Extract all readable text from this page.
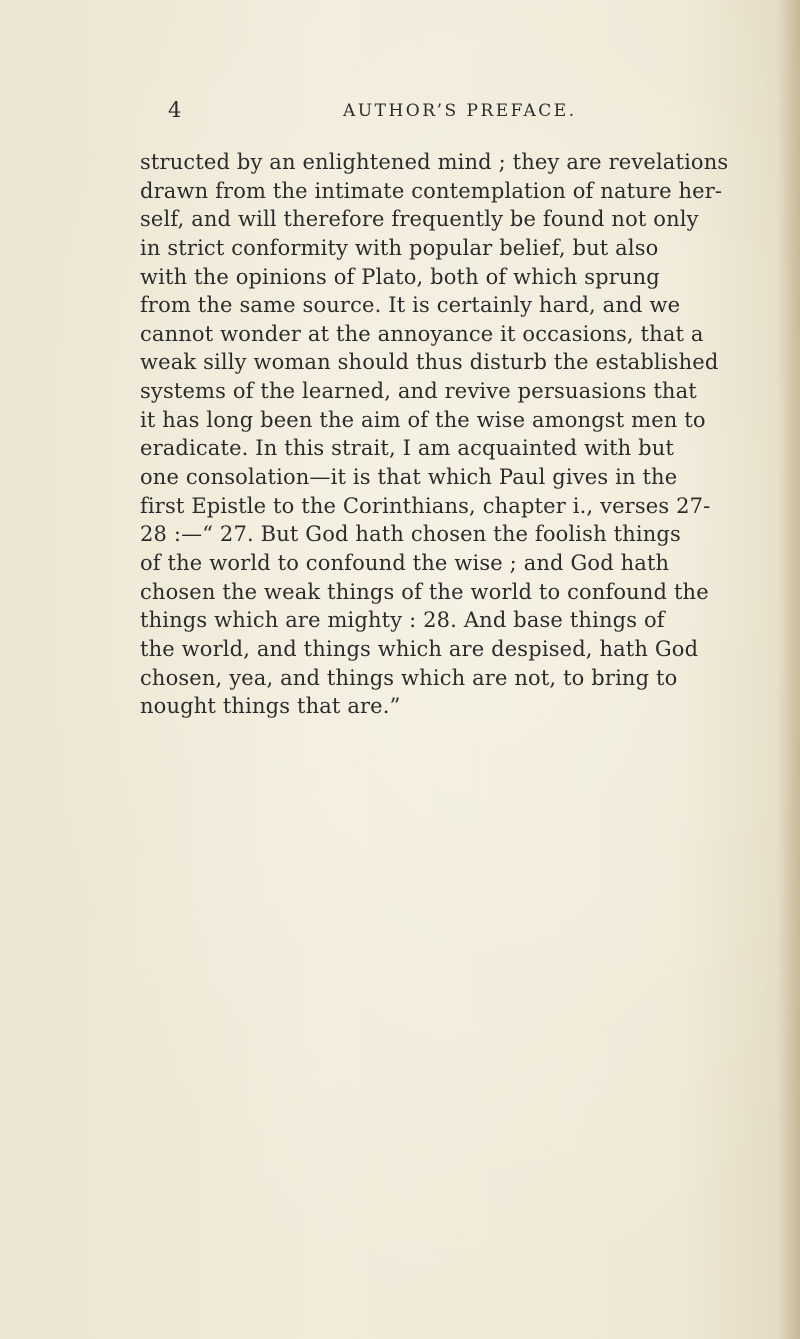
4	AUTHOR’S PREFACE.
structed by an enlightened mind ; they are revelations
drawn from the intimate contemplation of nature her-
self, and will therefore frequently be found not only
in strict conformity with popular belief, but also
with the opinions of Plato, both of which sprung
from the same source. It is certainly hard, and we
cannot wonder at the annoyance it occasions, that a
weak silly woman should thus disturb the established
systems of the learned, and revive persuasions that
it has long been the aim of the wise amongst men to
eradicate. In this strait, I am acquainted with but
one consolation—it is that which Paul gives in the
first Epistle to the Corinthians, chapter i., verses 27-
28 :—“ 27. But God hath chosen the foolish things
of the world to confound the wise ; and God hath
chosen the weak things of the world to confound the
things which are mighty : 28. And base things of
the world, and things which are despised, hath God
chosen, yea, and things which are not, to bring to
nought things that are.”
